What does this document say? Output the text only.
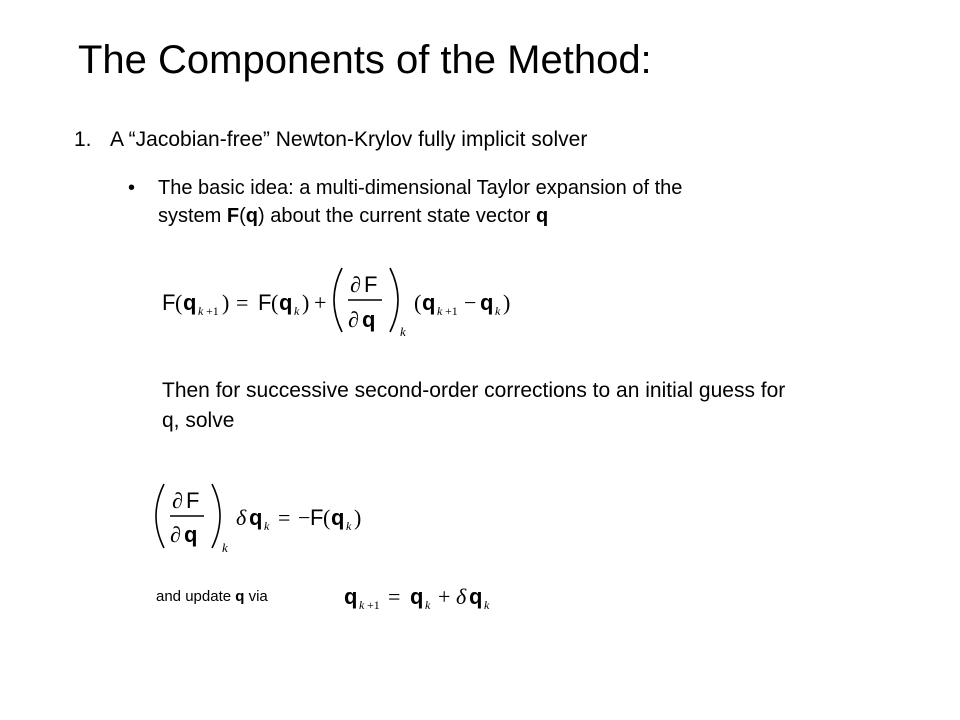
The Components of the Method:
1. A “Jacobian-free” Newton-Krylov fully implicit solver
• The basic idea: a multi-dimensional Taylor expansion of the
system F(q) about the current state vector q
F ( q k +1 ) = F ( q k ) +
∂ F
∂ q k
( q k +1 − q k )
Then for successive second-order corrections to an initial guess for q, solve
∂ F
∂ q
k
δ q k = − F ( q k )
and update q via	q k +1 = q k + δ q k
